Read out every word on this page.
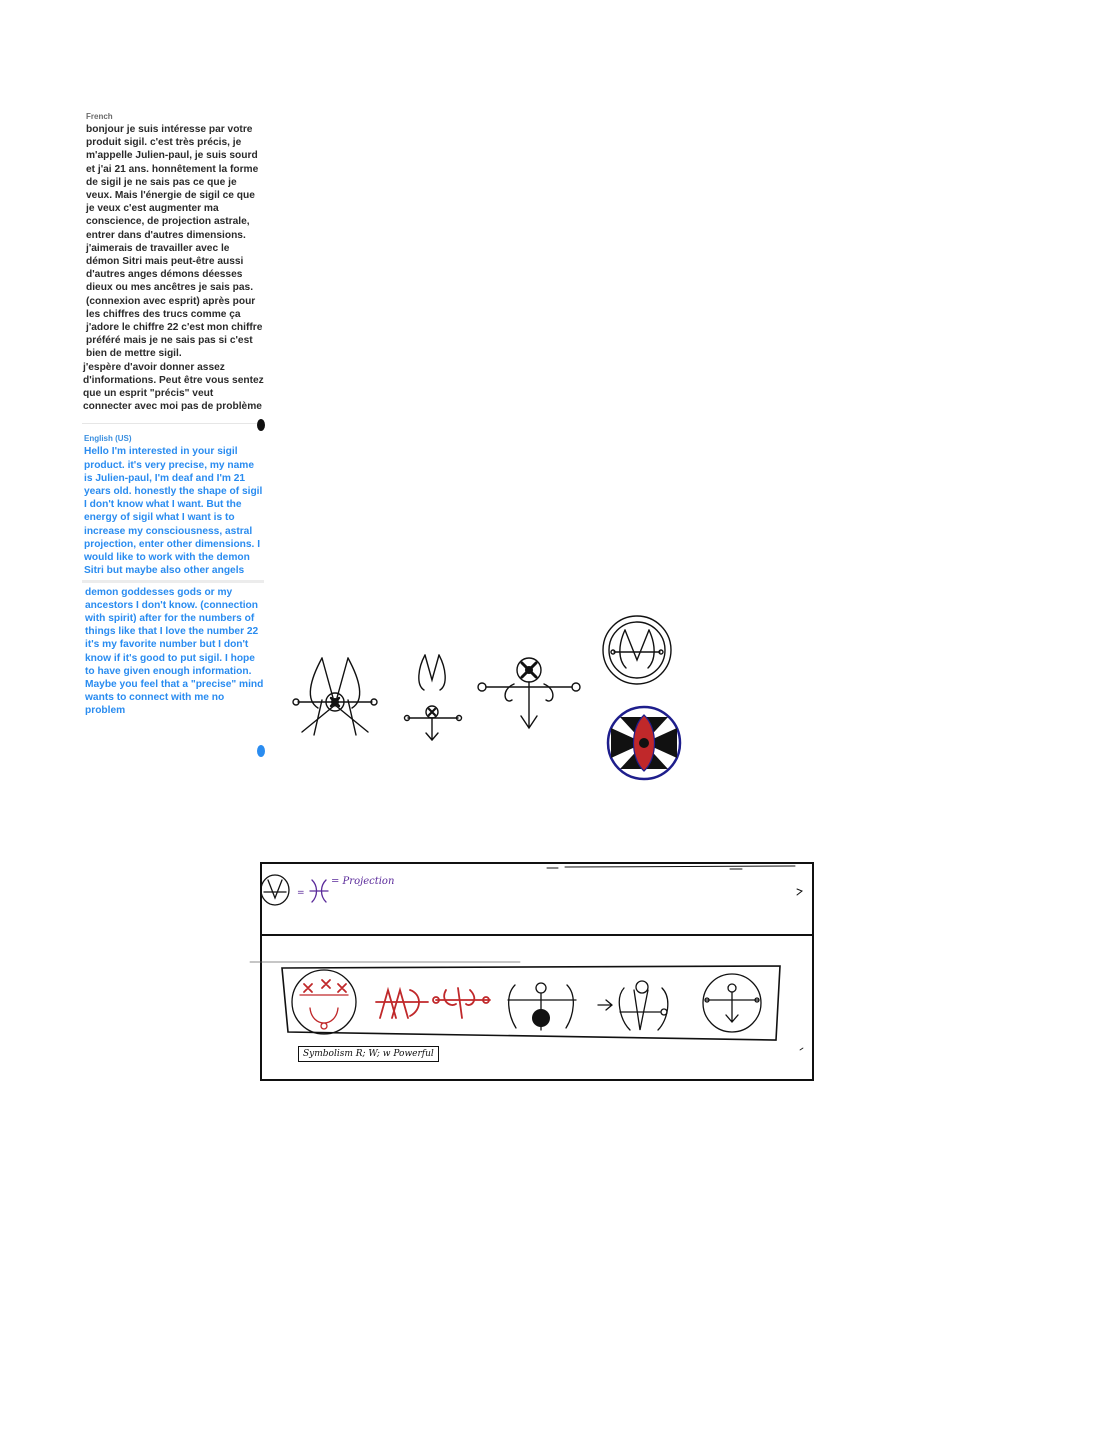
French

bonjour je suis intéresse par votre produit sigil. c'est très précis, je m'appelle Julien-paul, je suis sourd et j'ai 21 ans. honnêtement la forme de sigil je ne sais pas ce que je veux. Mais l'énergie de sigil ce que je veux c'est augmenter ma conscience, de projection astrale, entrer dans d'autres dimensions. j'aimerais de travailler avec le démon Sitri mais peut-être aussi d'autres anges démons déesses dieux ou mes ancêtres je sais pas. (connexion avec esprit) après pour les chiffres des trucs comme ça j'adore le chiffre 22 c'est mon chiffre préféré mais je ne sais pas si c'est bien de mettre sigil.

j'espère d'avoir donner assez d'informations. Peut être vous sentez que un esprit "précis" veut connecter avec moi pas de problème

English (US)

Hello I'm interested in your sigil product. it's very precise, my name is Julien-paul, I'm deaf and I'm 21 years old. honestly the shape of sigil I don't know what I want. But the energy of sigil what I want is to increase my consciousness, astral projection, enter other dimensions. I would like to work with the demon Sitri but maybe also other angels

demon goddesses gods or my ancestors I don't know. (connection with spirit) after for the numbers of things like that I love the number 22 it's my favorite number but I don't know if it's good to put sigil. I hope to have given enough information. Maybe you feel that a "precise" mind wants to connect with me no problem

= Projection
Symbolism R; W; w Powerful
=
